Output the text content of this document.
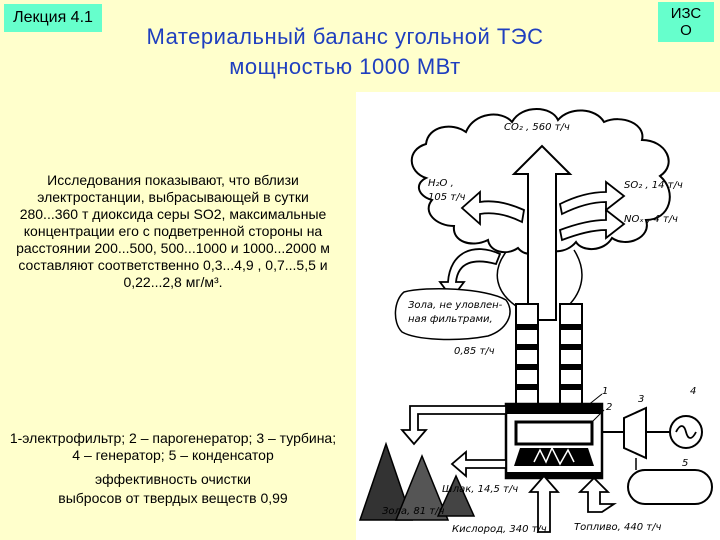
Лекция 4.1	ИЗС
О
Материальный баланс угольной ТЭС
мощностью 1000 МВт
Исследования показывают, что вблизи электростанции, выбрасывающей в сутки 280...360 т диоксида серы SO2, максимальные концентрации его с подветренной стороны на расстоянии 200...500, 500...1000 и 1000...2000 м составляют соответственно 0,3...4,9 , 0,7...5,5 и 0,22...2,8 мг/м³.

1-электрофильтр; 2 – парогенератор; 3 – турбина; 4 – генератор; 5 – конденсатор

эффективность очистки

выбросов от твердых веществ 0,99

CO₂ , 560 т/ч
H₂O ,
105 т/ч
SO₂ , 14 т/ч
NOₓ , 4 т/ч
Зола, не уловлен-
ная фильтрами,
0,85 т/ч
Шлак, 14,5 т/ч
Зола, 81 т/ч
Кислород, 340 т/ч	Топливо, 440 т/ч
1
2
3
4
5
